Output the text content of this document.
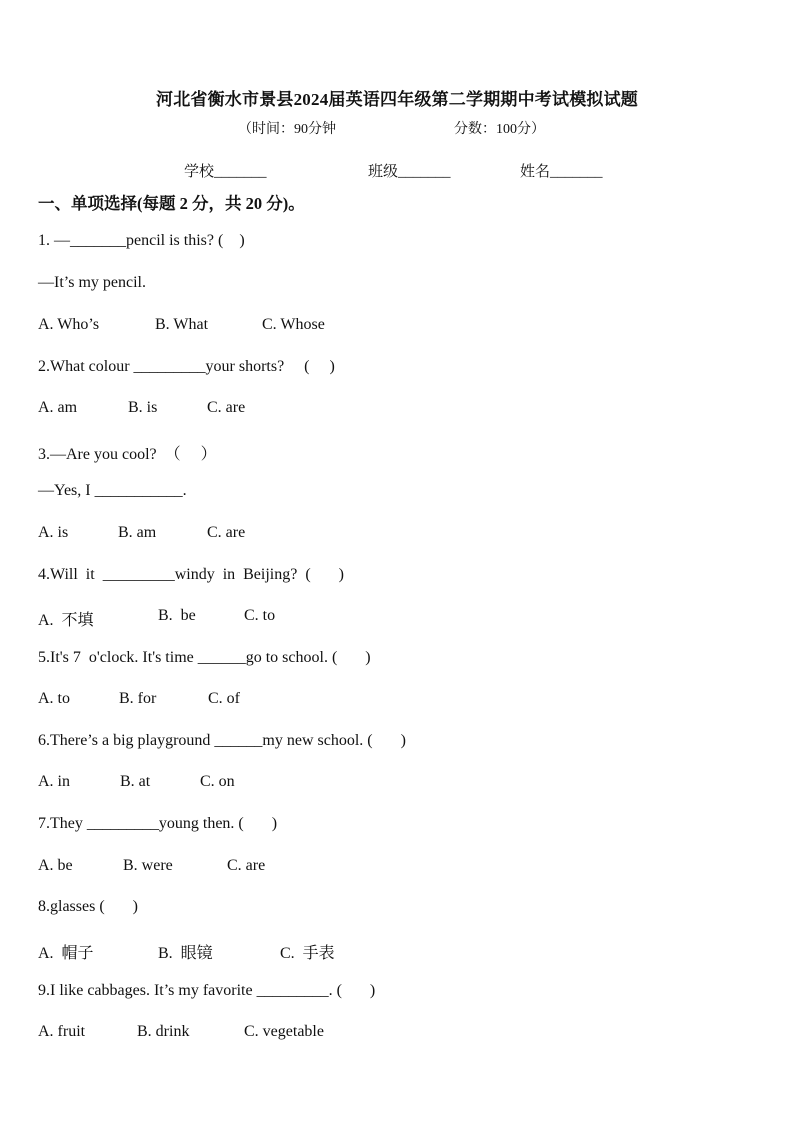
河北省衡水市景县2024届英语四年级第二学期期中考试模拟试题
（时间：90分钟	分数：100分）
学校_______	班级_______	姓名_______
一、单项选择(每题 2 分，共 20 分)。
1. —_______pencil is this? (    )
—It’s my pencil.
A. Who’s	B. What	C. Whose
2.What colour _________your shorts?     (     )
A. am	B. is	C. are
3.—Are you cool?  （     ）
—Yes, I ___________.
A. is	B. am	C. are
4.Will  it  _________windy  in  Beijing?  (       )
A.  不填	B.  be	C. to
5.It's 7  o'clock. It's time ______go to school. (       )
A. to	B. for	C. of
6.There’s a big playground ______my new school. (       )
A. in	B. at	C. on
7.They _________young then. (       )
A. be	B. were	C. are
8.glasses (       )
A.  帽子	B.  眼镜	C.  手表
9.I like cabbages. It’s my favorite _________. (       )
A. fruit	B. drink	C. vegetable
